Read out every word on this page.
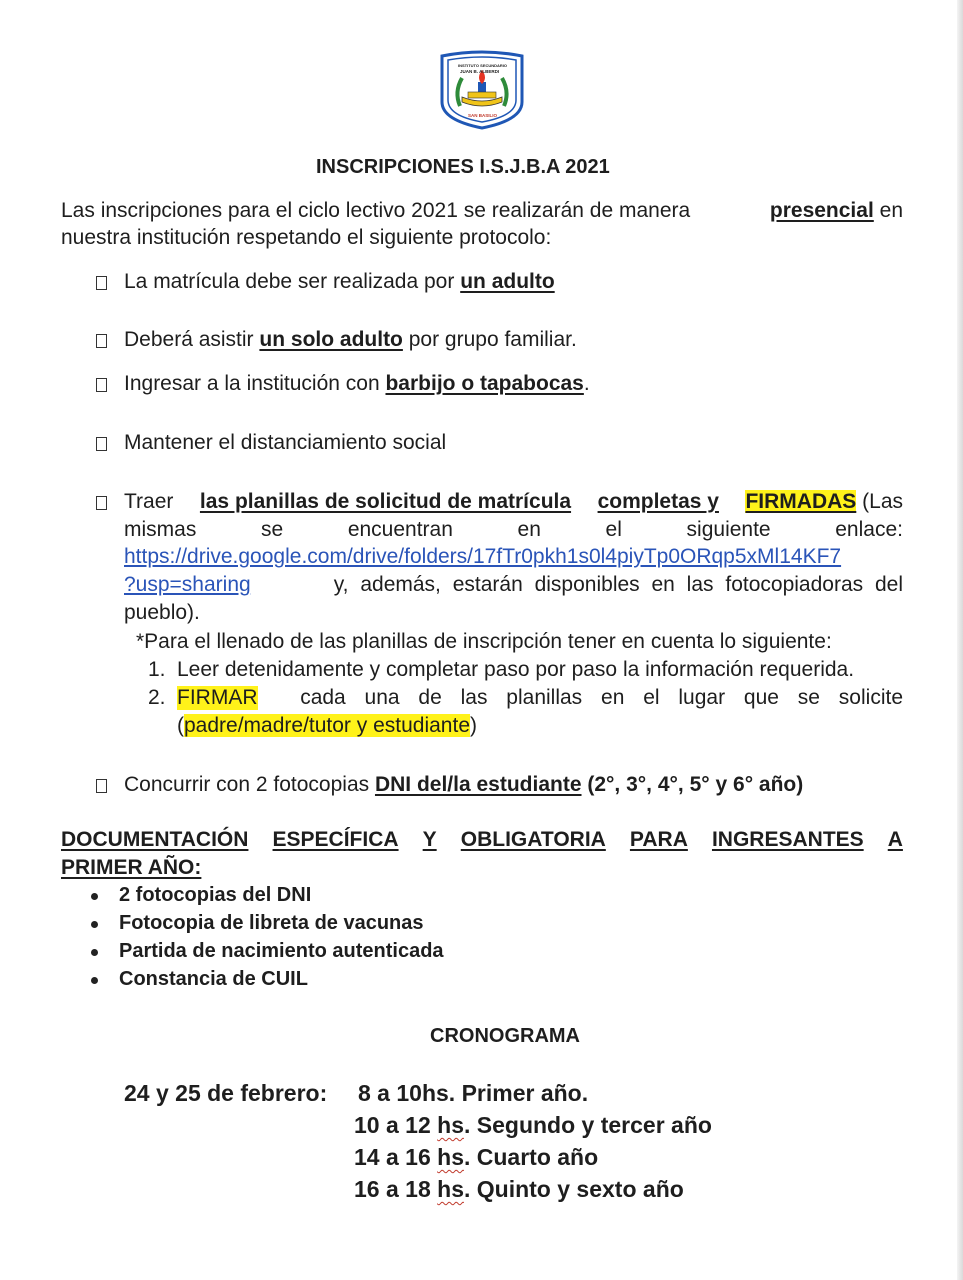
INSTITUTO SECUNDARIO
JUAN B. ALBERDI
SAN BASILIO
INSCRIPCIONES I.S.J.B.A 2021
Las inscripciones para el ciclo lectivo 2021 se realizarán de manera	presencial en
nuestra institución respetando el siguiente protocolo:
La matrícula debe ser realizada por un adulto
Deberá asistir un solo adulto por grupo familiar.
Ingresar a la institución con barbijo o tapabocas.
Mantener el distanciamiento social
Traer las planillas de solicitud de matrícula completas y FIRMADAS (Las
mismas	se	encuentran	en	el	siguiente	enlace:
https://drive.google.com/drive/folders/17fTr0pkh1s0l4piyTp0ORqp5xMl14KF7
?usp=sharing	y, además, estarán disponibles en las fotocopiadoras del
pueblo).
*Para el llenado de las planillas de inscripción tener en cuenta lo siguiente:
1. Leer detenidamente y completar paso por paso la información requerida.
2. FIRMAR cada una de las planillas en el lugar que se solicite
(padre/madre/tutor y estudiante)
Concurrir con 2 fotocopias DNI del/la estudiante (2°, 3°, 4°, 5° y 6° año)
DOCUMENTACIÓN ESPECÍFICA Y OBLIGATORIA PARA INGRESANTES A
PRIMER AÑO:
2 fotocopias del DNI
Fotocopia de libreta de vacunas
Partida de nacimiento autenticada
Constancia de CUIL
CRONOGRAMA
24 y 25 de febrero: 8 a 10hs. Primer año.
10 a 12 hs. Segundo y tercer año
14 a 16 hs. Cuarto año
16 a 18 hs. Quinto y sexto año
